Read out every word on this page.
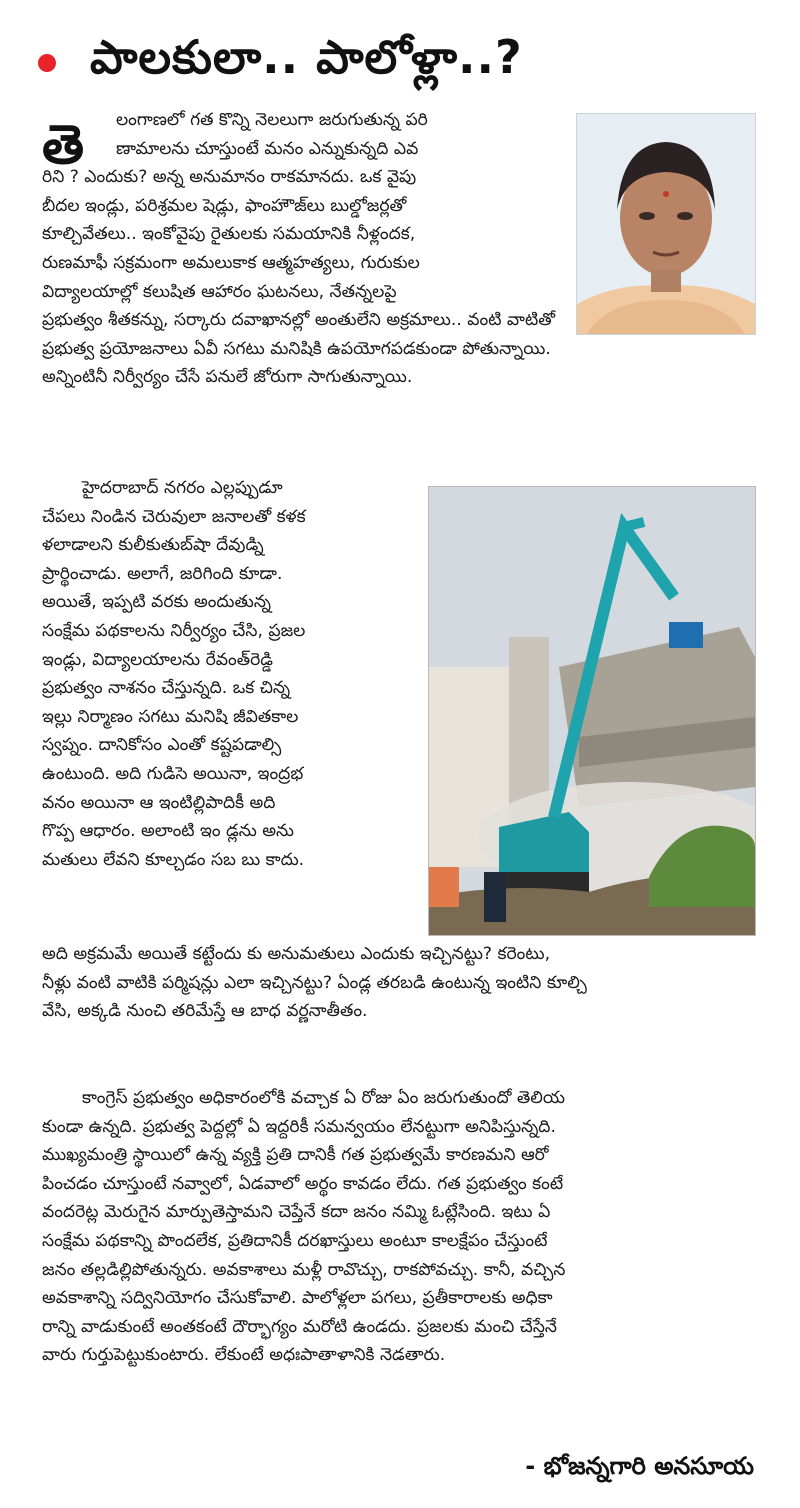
పాలకులా.. పాలోళ్లా..?
తె	లంగాణలో గత కొన్ని నెలలుగా జరుగుతున్న పరి
ణామాలను చూస్తుంటే మనం ఎన్నుకున్నది ఎవ
రిని ? ఎందుకు? అన్న అనుమానం రాకమానదు. ఒక వైపు
బీదల ఇండ్లు, పరిశ్రమల షెడ్లు, ఫాంహౌజ్‌లు బుల్డోజర్లతో
కూల్చివేతలు.. ఇంకోవైపు రైతులకు సమయానికి నీళ్లందక,
రుణమాఫీ సక్రమంగా అమలుకాక ఆత్మహత్యలు, గురుకుల
విద్యాలయాల్లో కలుషిత ఆహారం ఘటనలు, నేతన్నలపై
ప్రభుత్వం శీతకన్ను, సర్కారు దవాఖానల్లో అంతులేని అక్రమాలు.. వంటి వాటితో
ప్రభుత్వ ప్రయోజనాలు ఏవీ సగటు మనిషికి ఉపయోగపడకుండా పోతున్నాయి.
అన్నింటినీ నిర్వీర్యం చేసే పనులే జోరుగా సాగుతున్నాయి.
హైదరాబాద్ నగరం ఎల్లప్పుడూ
చేపలు నిండిన చెరువులా జనాలతో కళక
ళలాడాలని కులీకుతుబ్‌షా దేవుడ్ని
ప్రార్థించాడు. అలాగే, జరిగింది కూడా.
అయితే, ఇప్పటి వరకు అందుతున్న
సంక్షేమ పథకాలను నిర్వీర్యం చేసి, ప్రజల
ఇండ్లు, విద్యాలయాలను రేవంత్‌రెడ్డి
ప్రభుత్వం నాశనం చేస్తున్నది. ఒక చిన్న
ఇల్లు నిర్మాణం సగటు మనిషి జీవితకాల
స్వప్నం. దానికోసం ఎంతో కష్టపడాల్సి
ఉంటుంది. అది గుడిసె అయినా, ఇంద్రభ
వనం అయినా ఆ ఇంటిల్లిపాదికీ అది
గొప్ప ఆధారం. అలాంటి ఇం డ్లను అను
మతులు లేవని కూల్చడం సబ బు కాదు.
అది అక్రమమే అయితే కట్టేందు కు అనుమతులు ఎందుకు ఇచ్చినట్టు? కరెంటు,
నీళ్లు వంటి వాటికి పర్మిషన్లు ఎలా ఇచ్చినట్టు? ఏండ్ల తరబడి ఉంటున్న ఇంటిని కూల్చి
వేసి, అక్కడి నుంచి తరిమేస్తే ఆ బాధ వర్ణనాతీతం.
కాంగ్రెస్ ప్రభుత్వం అధికారంలోకి వచ్చాక ఏ రోజు ఏం జరుగుతుందో తెలియ
కుండా ఉన్నది. ప్రభుత్వ పెద్దల్లో ఏ ఇద్దరికీ సమన్వయం లేనట్టుగా అనిపిస్తున్నది.
ముఖ్యమంత్రి స్థాయిలో ఉన్న వ్యక్తి ప్రతి దానికీ గత ప్రభుత్వమే కారణమని ఆరో
పించడం చూస్తుంటే నవ్వాలో, ఏడవాలో అర్థం కావడం లేదు. గత ప్రభుత్వం కంటే
వందరెట్ల మెరుగైన మార్పుతెస్తామని చెప్తేనే కదా జనం నమ్మి ఓట్లేసింది. ఇటు ఏ
సంక్షేమ పథకాన్ని పొందలేక, ప్రతిదానికీ దరఖాస్తులు అంటూ కాలక్షేపం చేస్తుంటే
జనం తల్లడిల్లిపోతున్నరు. అవకాశాలు మళ్లీ రావొచ్చు, రాకపోవచ్చు. కానీ, వచ్చిన
అవకాశాన్ని సద్వినియోగం చేసుకోవాలి. పాలోళ్లలా పగలు, ప్రతీకారాలకు అధికా
రాన్ని వాడుకుంటే అంతకంటే దౌర్భాగ్యం మరోటి ఉండదు. ప్రజలకు మంచి చేస్తేనే
వారు గుర్తుపెట్టుకుంటారు. లేకుంటే అధఃపాతాళానికి నెడతారు.
- భోజన్నగారి అనసూయ
